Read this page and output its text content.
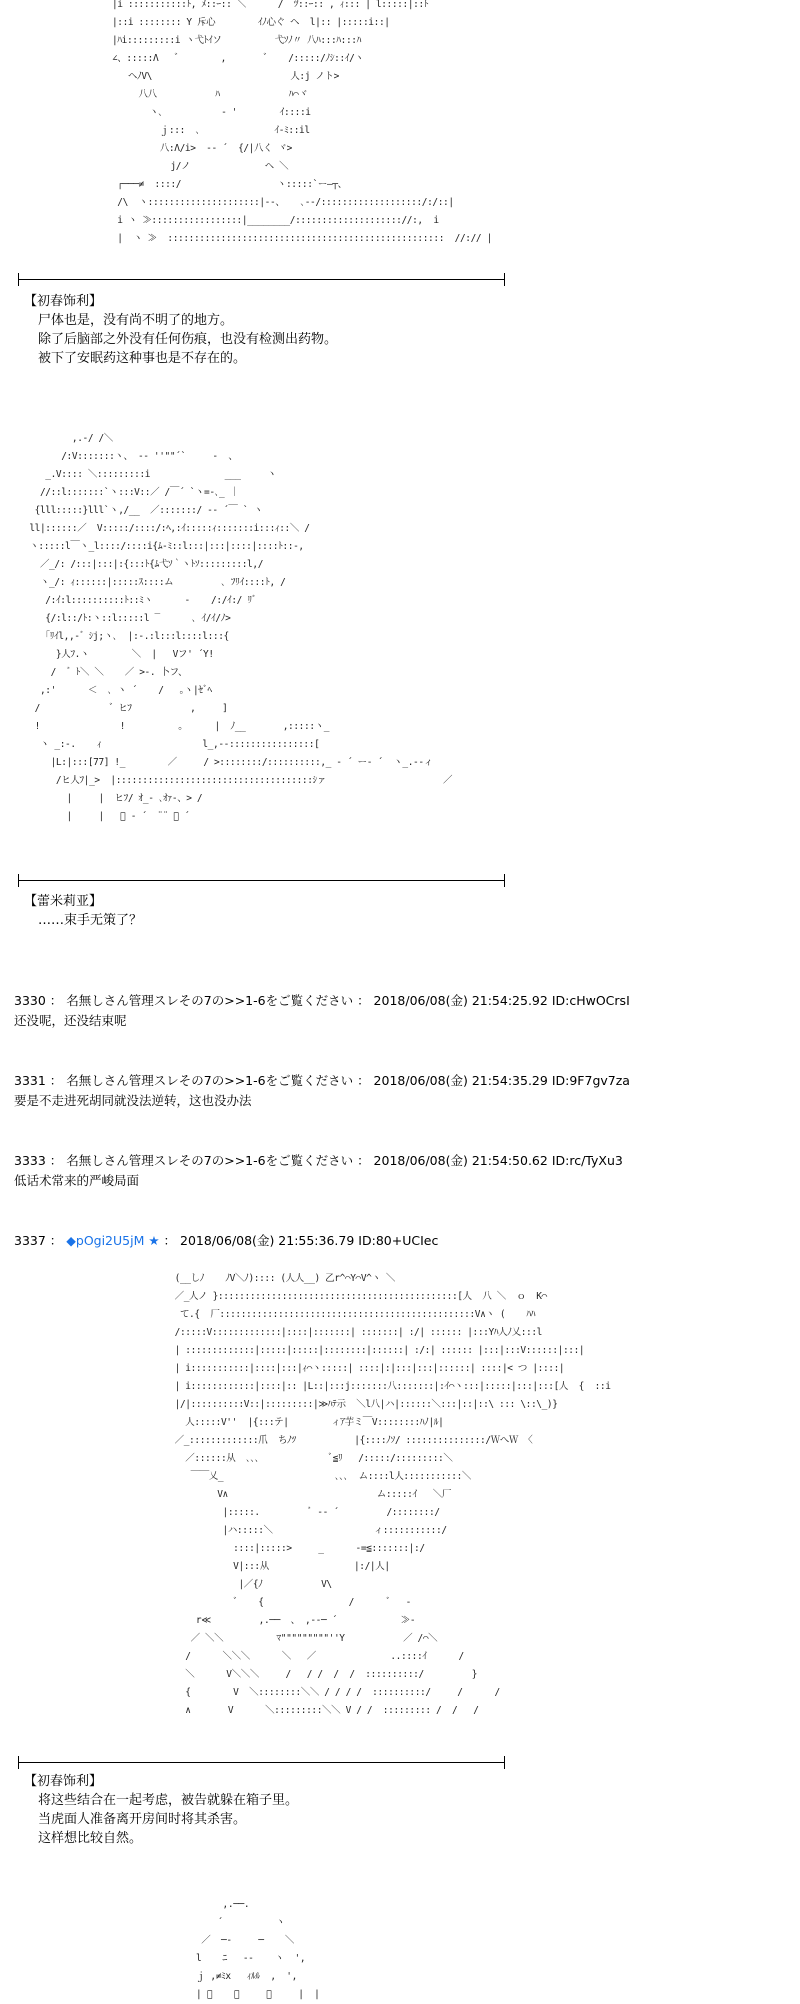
|i :::::::::::ﾄ, ﾒ::ｰ:: ＼      /  ﾂ::ｰ:: , ｨ::: | l:::::|::ﾄ
|::i :::::::: Y 斥心        ｲﾉ心ぐ ヘ  l|:: |:::::i::|
|ﾊi:::::::::i ヽ弋ﾄｲソ          弋ｿﾉ〃 八ﾊ:::ﾊ:::ﾊ
∠、:::::Λ   ゛       ,       ゛   /:::::/ﾉｼ::ｲ/ヽ
ヘﾉV\                          人:j ノト>
八八           ﾊ             ﾊ⌒ヾ
ヽ､           ‐ '        ｲ::::i
ｊ:::  ､              ｲ-ﾐ::il
八:Λ/i>  -‐ ´  {/|八く ヾ>
j/ノ              ヘ ＼
┌───≠  ::::/                  ヽ:::::`ー―┬、
/\  ヽ:::::::::::::::::::::|‐‐、   ､‐‐/:::::::::::::::::::/:/::|
i ヽ ≫:::::::::::::::::|________/:::::::::::::::::::://:,  i
|  ヽ ≫  ::::::::::::::::::::::::::::::::::::::::::::::::::::  //:// |
【初春饰利】
尸体也是，没有尚不明了的地方。
除了后脑部之外没有任何伤痕，也没有检测出药物。
被下了安眠药这种事也是不存在的。
,.-/ /＼
/:V:::::::ヽ、 -‐ ''""´`     ‐  、
_.V:::: ＼:::::::::i              ___     ヽ
//::l:::::::`ヽ:::V::／ /￣´ `ヽ=-､_ ｜
{lll:::::}lll`ヽ,/__  ／:::::::/ ‐‐ ´￣ ` ヽ
ll|::::::／  V:::::/::::/:ﾍ,:ｲ:::::ｨ:::::::i:::ｨ::＼ /
ヽ:::::l￣ヽ_l::::/::::i{ﾑ-ﾐ::l:::|:::|::::|::::ﾄ::-,
／_/: /:::|:::|:{:::ﾄ{ﾑ弋ｿ｀ヽﾄｿ:::::::::l,/
ヽ_/: ｨ::::::|:::::ｽ::::ム         ､ ﾌﾘｲ::::ﾄ, /
/:ｲ:l::::::::::ﾄ::ﾐヽ      ‐    /:/ｲ:/ ﾘ゛
{/:l::/ﾄ:ヽ::l:::::l ‾      ､ ｲ/ｲ/ﾉ>
｢ﾘｲl,,‐゛ｼj;ヽ､  |:‐.:l:::l::::l:::{
}人ﾌ.ヽ        ＼  |   Vフ' ´Y!
/  ゛ﾄ＼ ＼    ／ >‐. 卜フ、
,:'      ＜  ､ ヽ ´    /   ｡ヽ|ｾﾞﾍ
/             ゛ヒﾌ           ,     ]
!               !          ｡      |  ﾉ__       ,:::::ヽ_
ヽ _:-.    ｨ                   l_,‐-::::::::::::::::[
|L:|:::[77] !_        ／     / >::::::::/::::::::::,_ ‐ ´ ー‐ ´  ヽ_.-‐ィ
/ヒ人ﾌ|_>  |:::::::::::::::::::::::::::::::::::::ｼァ                      ／
|     |  ヒﾌ/ ｵ_‐ ､ｵｧ-、> /
|     |   ﾞ ‐ ´  ¨¨ ゛ ´
【蕾米莉亚】
……束手无策了？
3330 ： 名無しさん管理スレその7の>>1-6をご覧ください ： 2018/06/08(金) 21:54:25.92 ID:cHwOCrsI
还没呢，还没结束呢
3331 ： 名無しさん管理スレその7の>>1-6をご覧ください ： 2018/06/08(金) 21:54:35.29 ID:9F7gv7za
要是不走进死胡同就没法逆转，这也没办法
3333 ： 名無しさん管理スレその7の>>1-6をご覧ください ： 2018/06/08(金) 21:54:50.62 ID:rc/TyXu3
低话术常来的严峻局面
3337 ： ◆pOgi2U5jM ★ ： 2018/06/08(金) 21:55:36.79 ID:80+UCIec
(__しﾉ    ﾉV＼ﾉ):::: (人人__) 乙r^⌒Y⌒V^ヽ ＼
／_人ノ }:::::::::::::::::::::::::::::::::::::::::::::[人  八 ＼  ｏ  K⌒
て.{  厂::::::::::::::::::::::::::::::::::::::::::::::::V∧ヽ (    ﾊﾊ
/:::::V:::::::::::::|::::|:::::::| :::::::| :/| :::::: |:::Yﾊ人ﾉ乂:::l
| :::::::::::::|:::::|:::::|::::::::|::::::| :/:| :::::: |:::|:::V::::::|:::|
| i:::::::::::|::::|:::|ｨ⌒ヽ:::::| ::::|:|:::|:::|::::::| ::::|< つ |::::|
| i::::::::::::|::::|:: |L::|:::j:::::::八:::::::|:ｲ⌒ヽ:::|:::::|:::|:::[人  {  ::i
|/|::::::::::V::|:::::::::|≫ﾊﾃ示  ＼l八|ハ|::::::＼:::|::|::\ ::: \::\_)}
人:::::V''  |{:::テ|        ィｱ芋ミ￣V::::::::ﾊﾉ|ﾙ|
／_:::::::::::::爪  ちﾉﾂ           |{::::ﾉｿ/ :::::::::::::::/ＷへＷ 〈
／::::::从  ､､､             ﾞ≦ﾘ   /:::::/:::::::::＼
￣￣乂_                     ､､､  ム::::l人:::::::::::＼
V∧                            ム:::::ｲ   ＼厂
|:::::.         ﾞ ‐‐ ´         /::::::::/
|ハ:::::＼                   ィ:::::::::::/
::::|:::::>     _      -=≦:::::::|:/
V|:::从                |:/|人|
|／{ﾉ           V\
゛   {                /      ゛  ‐
r≪         ,.──  、 ,‐‐─ ´            ≫‐
／ ＼＼          ﾏ"""""""""''Y           ／ /⌒＼
/      ＼＼＼      ＼   ／              ..::::ｲ      /
＼      V＼＼＼     /   / /  /  /  ::::::::::/         }
{        V  ＼::::::::＼＼ / / / /  ::::::::::/     /      /
∧       V      ＼:::::::::＼＼ V / /  ::::::::: /  /   /
【初春饰利】
将这些结合在一起考虑，被告就躲在箱子里。
当虎面人准备离开房间时将其杀害。
这样想比较自然。
,.──.
´          ヽ
／  ─‐     ─    ＼
l    ﾆ   ‐‐    ヽ  ',
ｊ ,≠ﾐx   ｨﾙﾙ  ,  ',
| ﾞ    ﾟ     ﾟ     |  |
